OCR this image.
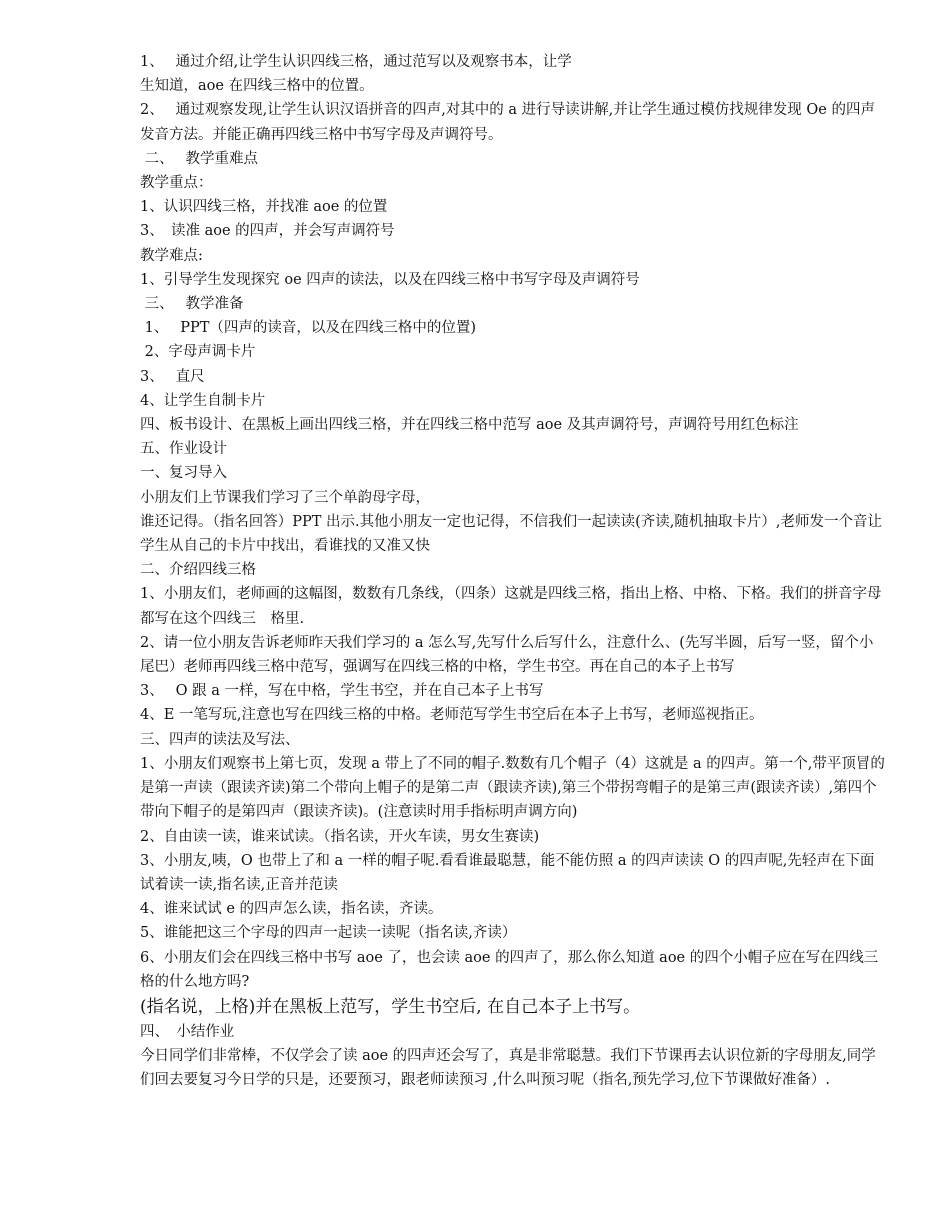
1、　 通过介绍,让学生认识四线三格，通过范写以及观察书本，让学

生知道，aoe 在四线三格中的位置。

2、　 通过观察发现,让学生认识汉语拼音的四声,对其中的 a 进行导读讲解,并让学生通过模仿找规律发现 Oe 的四声发音方法。并能正确再四线三格中书写字母及声调符号。

二、　 教学重难点

教学重点：

1、认识四线三格，并找准 aoe 的位置

3、　读准 aoe 的四声，并会写声调符号

教学难点:

1、引导学生发现探究 oe 四声的读法，以及在四线三格中书写字母及声调符号

三、　 教学准备

1、　 PPT（四声的读音，以及在四线三格中的位置)

2、字母声调卡片

3、　 直尺

4、让学生自制卡片

四、板书设计、在黑板上画出四线三格，并在四线三格中范写 aoe 及其声调符号，声调符号用红色标注

五、作业设计

一、复习导入

小朋友们上节课我们学习了三个单韵母字母，

谁还记得。（指名回答）PPT 出示.其他小朋友一定也记得，不信我们一起读读(齐读,随机抽取卡片）,老师发一个音让学生从自己的卡片中找出，看谁找的又准又快

二、介绍四线三格

1、小朋友们，老师画的这幅图，数数有几条线，（四条）这就是四线三格，指出上格、中格、下格。我们的拼音字母都写在这个四线三　格里.

2、请一位小朋友告诉老师昨天我们学习的 a 怎么写,先写什么后写什么，注意什么、(先写半圆，后写一竖，留个小尾巴）老师再四线三格中范写，强调写在四线三格的中格，学生书空。再在自己的本子上书写

3、　 O 跟 a 一样，写在中格，学生书空，并在自己本子上书写

4、E 一笔写玩,注意也写在四线三格的中格。老师范写学生书空后在本子上书写，老师巡视指正。

三、四声的读法及写法、

1、小朋友们观察书上第七页，发现 a 带上了不同的帽子.数数有几个帽子（4）这就是 a 的四声。第一个,带平顶冒的是第一声读（跟读齐读)第二个带向上帽子的是第二声（跟读齐读),第三个带拐弯帽子的是第三声(跟读齐读）,第四个带向下帽子的是第四声（跟读齐读)。(注意读时用手指标明声调方向)

2、自由读一读，谁来试读。（指名读，开火车读，男女生赛读)

3、小朋友,咦，O 也带上了和 a 一样的帽子呢.看看谁最聪慧，能不能仿照 a 的四声读读 O 的四声呢,先轻声在下面试着读一读,指名读,正音并范读

4、谁来试试 e 的四声怎么读，指名读，齐读。

5、谁能把这三个字母的四声一起读一读呢（指名读,齐读）

6、小朋友们会在四线三格中书写 aoe 了，也会读 aoe 的四声了，那么你么知道 aoe 的四个小帽子应在写在四线三格的什么地方吗?

(指名说，上格)并在黑板上范写，学生书空后, 在自己本子上书写。

四、　小结作业

今日同学们非常棒，不仅学会了读 aoe 的四声还会写了，真是非常聪慧。我们下节课再去认识位新的字母朋友,同学们回去要复习今日学的只是，还要预习，跟老师读预习 ,什么叫预习呢（指名,预先学习,位下节课做好准备）.
